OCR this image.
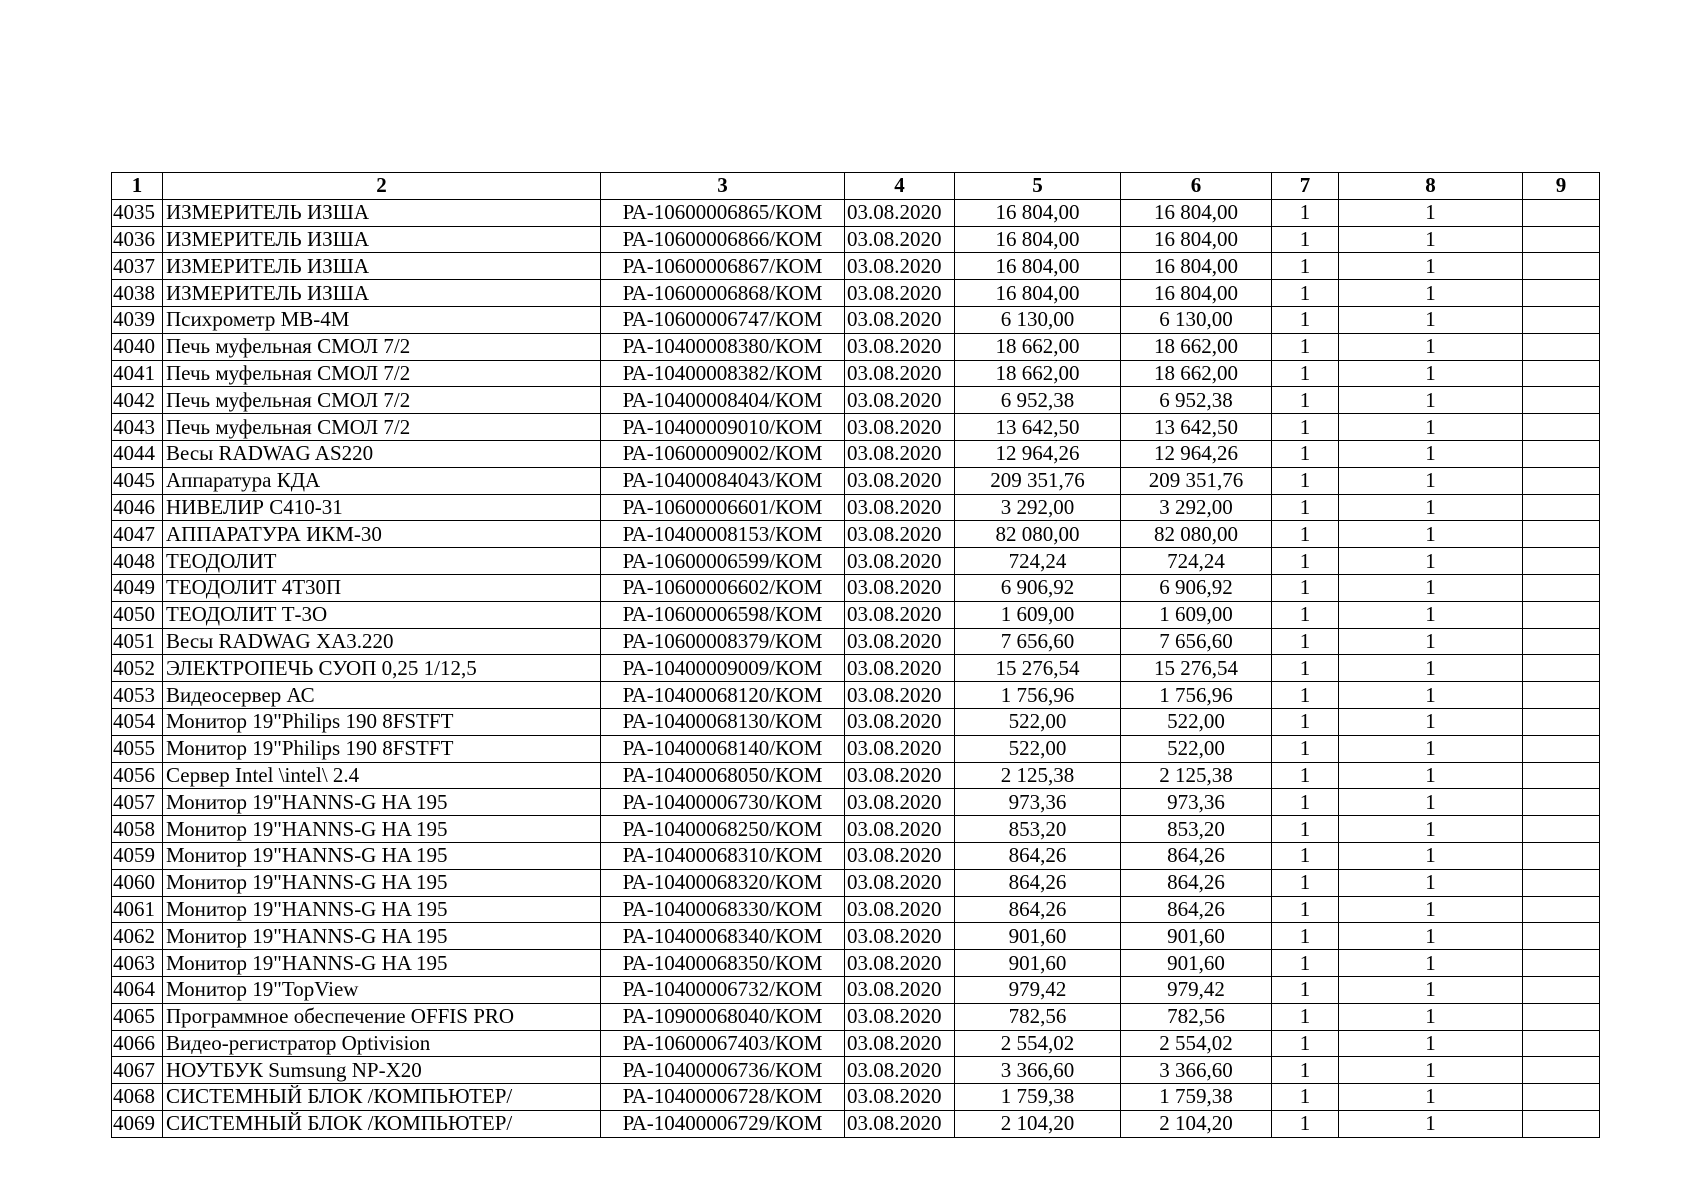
1	2	3	4	5	6	7	8	9
4035	ИЗМЕРИТЕЛЬ ИЗША	РА-10600006865/КОМ	03.08.2020	16 804,00	16 804,00	1	1	
4036	ИЗМЕРИТЕЛЬ ИЗША	РА-10600006866/КОМ	03.08.2020	16 804,00	16 804,00	1	1	
4037	ИЗМЕРИТЕЛЬ ИЗША	РА-10600006867/КОМ	03.08.2020	16 804,00	16 804,00	1	1	
4038	ИЗМЕРИТЕЛЬ ИЗША	РА-10600006868/КОМ	03.08.2020	16 804,00	16 804,00	1	1	
4039	Психрометр МВ-4М	РА-10600006747/КОМ	03.08.2020	6 130,00	6 130,00	1	1	
4040	Печь муфельная СМОЛ 7/2	РА-10400008380/КОМ	03.08.2020	18 662,00	18 662,00	1	1	
4041	Печь муфельная СМОЛ 7/2	РА-10400008382/КОМ	03.08.2020	18 662,00	18 662,00	1	1	
4042	Печь муфельная СМОЛ 7/2	РА-10400008404/КОМ	03.08.2020	6 952,38	6 952,38	1	1	
4043	Печь муфельная СМОЛ 7/2	РА-10400009010/КОМ	03.08.2020	13 642,50	13 642,50	1	1	
4044	Весы RADWAG AS220	РА-10600009002/КОМ	03.08.2020	12 964,26	12 964,26	1	1	
4045	Аппаратура КДА	РА-10400084043/КОМ	03.08.2020	209 351,76	209 351,76	1	1	
4046	НИВЕЛИР С410-31	РА-10600006601/КОМ	03.08.2020	3 292,00	3 292,00	1	1	
4047	АППАРАТУРА ИКМ-30	РА-10400008153/КОМ	03.08.2020	82 080,00	82 080,00	1	1	
4048	ТЕОДОЛИТ	РА-10600006599/КОМ	03.08.2020	724,24	724,24	1	1	
4049	ТЕОДОЛИТ 4Т30П	РА-10600006602/КОМ	03.08.2020	6 906,92	6 906,92	1	1	
4050	ТЕОДОЛИТ Т-3О	РА-10600006598/КОМ	03.08.2020	1 609,00	1 609,00	1	1	
4051	Весы RADWAG XA3.220	РА-10600008379/КОМ	03.08.2020	7 656,60	7 656,60	1	1	
4052	ЭЛЕКТРОПЕЧЬ СУОП 0,25 1/12,5	РА-10400009009/КОМ	03.08.2020	15 276,54	15 276,54	1	1	
4053	Видеосервер АС	РА-10400068120/КОМ	03.08.2020	1 756,96	1 756,96	1	1	
4054	Монитор 19"Philips 190 8FSTFT	РА-10400068130/КОМ	03.08.2020	522,00	522,00	1	1	
4055	Монитор 19"Philips 190 8FSTFT	РА-10400068140/КОМ	03.08.2020	522,00	522,00	1	1	
4056	Сервер Intel \intel\ 2.4	РА-10400068050/КОМ	03.08.2020	2 125,38	2 125,38	1	1	
4057	Монитор 19"HANNS-G HA 195	РА-10400006730/КОМ	03.08.2020	973,36	973,36	1	1	
4058	Монитор 19"HANNS-G HA 195	РА-10400068250/КОМ	03.08.2020	853,20	853,20	1	1	
4059	Монитор 19"HANNS-G HA 195	РА-10400068310/КОМ	03.08.2020	864,26	864,26	1	1	
4060	Монитор 19"HANNS-G HA 195	РА-10400068320/КОМ	03.08.2020	864,26	864,26	1	1	
4061	Монитор 19"HANNS-G HA 195	РА-10400068330/КОМ	03.08.2020	864,26	864,26	1	1	
4062	Монитор 19"HANNS-G HA 195	РА-10400068340/КОМ	03.08.2020	901,60	901,60	1	1	
4063	Монитор 19"HANNS-G HA 195	РА-10400068350/КОМ	03.08.2020	901,60	901,60	1	1	
4064	Монитор 19"TopView	РА-10400006732/КОМ	03.08.2020	979,42	979,42	1	1	
4065	Программное обеспечение OFFIS PRO	РА-10900068040/КОМ	03.08.2020	782,56	782,56	1	1	
4066	Видео-регистратор Optivision	РА-10600067403/КОМ	03.08.2020	2 554,02	2 554,02	1	1	
4067	НОУТБУК Sumsung NP-X20	РА-10400006736/КОМ	03.08.2020	3 366,60	3 366,60	1	1	
4068	СИСТЕМНЫЙ БЛОК /КОМПЬЮТЕР/	РА-10400006728/КОМ	03.08.2020	1 759,38	1 759,38	1	1	
4069	СИСТЕМНЫЙ БЛОК /КОМПЬЮТЕР/	РА-10400006729/КОМ	03.08.2020	2 104,20	2 104,20	1	1	
